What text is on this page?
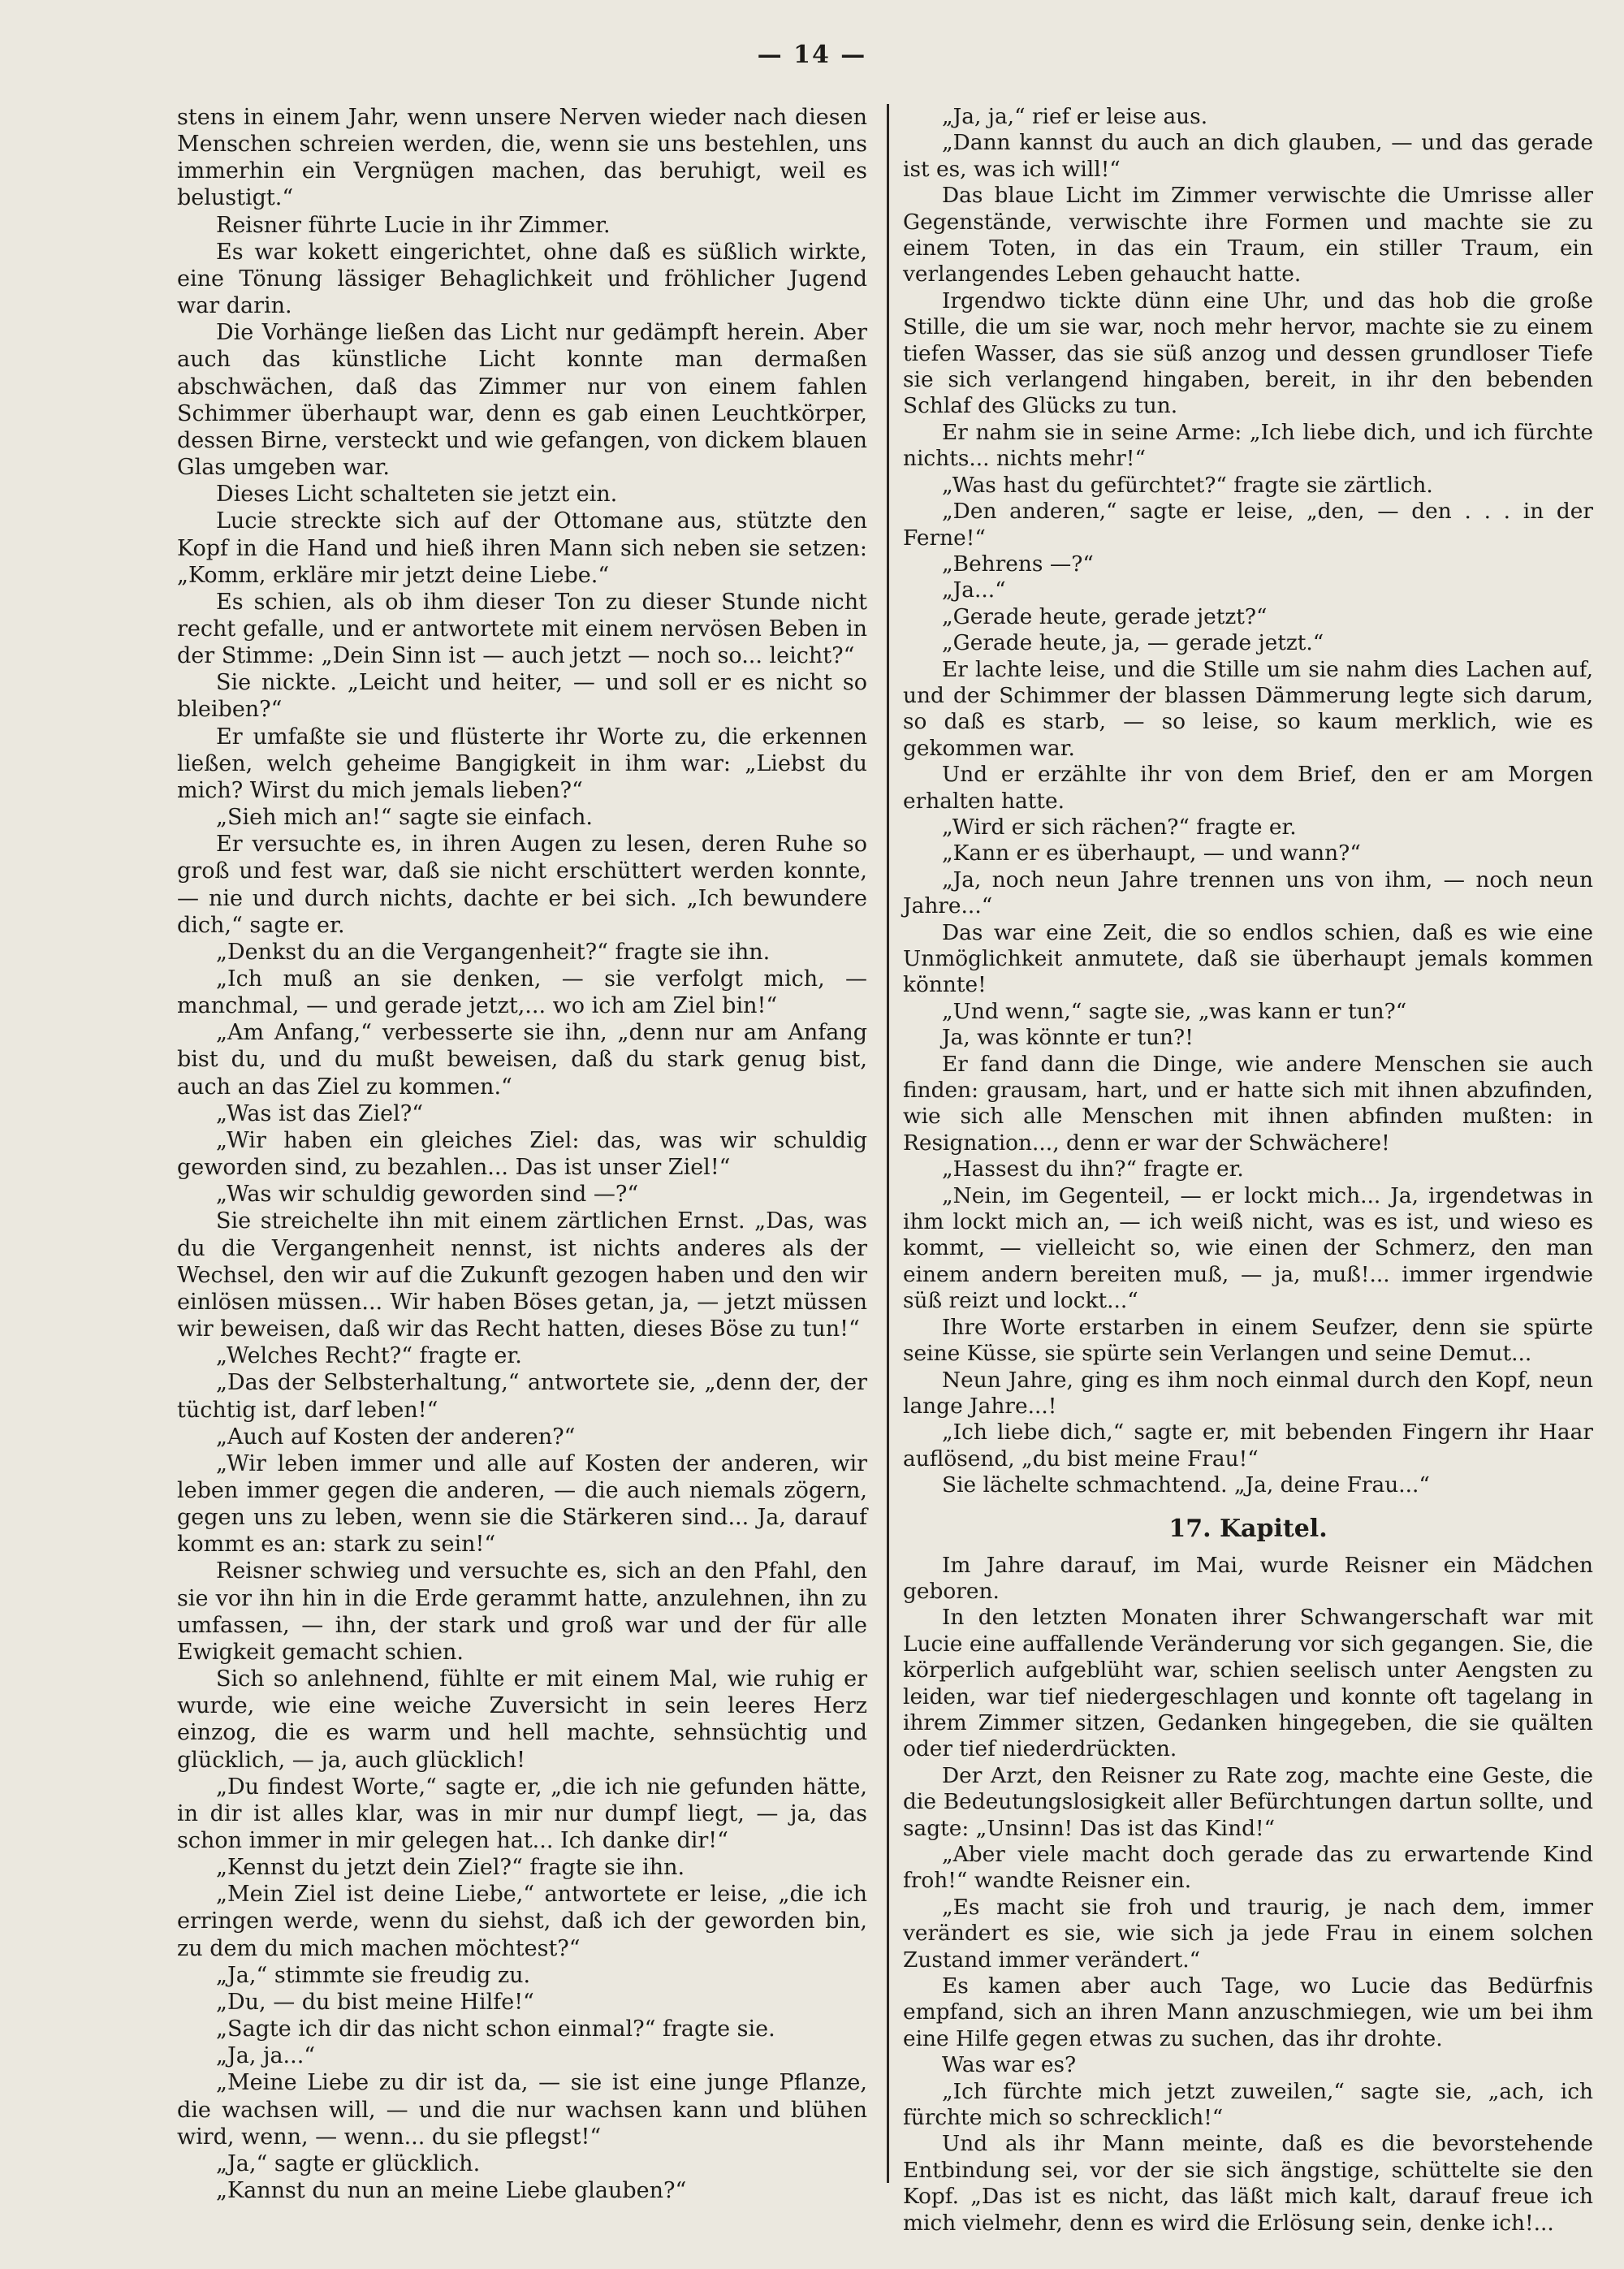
— 14 —

stens in einem Jahr, wenn unsere Nerven wieder nach diesen Menschen schreien werden, die, wenn sie uns bestehlen, uns immerhin ein Vergnügen machen, das beruhigt, weil es belustigt.“

Reisner führte Lucie in ihr Zimmer.

Es war kokett eingerichtet, ohne daß es süßlich wirkte, eine Tönung lässiger Behaglichkeit und fröhlicher Jugend war darin.

Die Vorhänge ließen das Licht nur gedämpft herein. Aber auch das künstliche Licht konnte man dermaßen abschwächen, daß das Zimmer nur von einem fahlen Schimmer überhaupt war, denn es gab einen Leuchtkörper, dessen Birne, versteckt und wie gefangen, von dickem blauen Glas umgeben war.

Dieses Licht schalteten sie jetzt ein.

Lucie streckte sich auf der Ottomane aus, stützte den Kopf in die Hand und hieß ihren Mann sich neben sie setzen: „Komm, erkläre mir jetzt deine Liebe.“

Es schien, als ob ihm dieser Ton zu dieser Stunde nicht recht gefalle, und er antwortete mit einem nervösen Beben in der Stimme: „Dein Sinn ist — auch jetzt — noch so... leicht?“

Sie nickte. „Leicht und heiter, — und soll er es nicht so bleiben?“

Er umfaßte sie und flüsterte ihr Worte zu, die erkennen ließen, welch geheime Bangigkeit in ihm war: „Liebst du mich? Wirst du mich jemals lieben?“

„Sieh mich an!“ sagte sie einfach.

Er versuchte es, in ihren Augen zu lesen, deren Ruhe so groß und fest war, daß sie nicht erschüttert werden konnte, — nie und durch nichts, dachte er bei sich. „Ich bewundere dich,“ sagte er.

„Denkst du an die Vergangenheit?“ fragte sie ihn.

„Ich muß an sie denken, — sie verfolgt mich, — manchmal, — und gerade jetzt,... wo ich am Ziel bin!“

„Am Anfang,“ verbesserte sie ihn, „denn nur am Anfang bist du, und du mußt beweisen, daß du stark genug bist, auch an das Ziel zu kommen.“

„Was ist das Ziel?“

„Wir haben ein gleiches Ziel: das, was wir schuldig geworden sind, zu bezahlen... Das ist unser Ziel!“

„Was wir schuldig geworden sind —?“

Sie streichelte ihn mit einem zärtlichen Ernst. „Das, was du die Vergangenheit nennst, ist nichts anderes als der Wechsel, den wir auf die Zukunft gezogen haben und den wir einlösen müssen... Wir haben Böses getan, ja, — jetzt müssen wir beweisen, daß wir das Recht hatten, dieses Böse zu tun!“

„Welches Recht?“ fragte er.

„Das der Selbsterhaltung,“ antwortete sie, „denn der, der tüchtig ist, darf leben!“

„Auch auf Kosten der anderen?“

„Wir leben immer und alle auf Kosten der anderen, wir leben immer gegen die anderen, — die auch niemals zögern, gegen uns zu leben, wenn sie die Stärkeren sind... Ja, darauf kommt es an: stark zu sein!“

Reisner schwieg und versuchte es, sich an den Pfahl, den sie vor ihn hin in die Erde gerammt hatte, anzulehnen, ihn zu umfassen, — ihn, der stark und groß war und der für alle Ewigkeit gemacht schien.

Sich so anlehnend, fühlte er mit einem Mal, wie ruhig er wurde, wie eine weiche Zuversicht in sein leeres Herz einzog, die es warm und hell machte, sehnsüchtig und glücklich, — ja, auch glücklich!

„Du findest Worte,“ sagte er, „die ich nie gefunden hätte, in dir ist alles klar, was in mir nur dumpf liegt, — ja, das schon immer in mir gelegen hat... Ich danke dir!“

„Kennst du jetzt dein Ziel?“ fragte sie ihn.

„Mein Ziel ist deine Liebe,“ antwortete er leise, „die ich erringen werde, wenn du siehst, daß ich der geworden bin, zu dem du mich machen möchtest?“

„Ja,“ stimmte sie freudig zu.

„Du, — du bist meine Hilfe!“

„Sagte ich dir das nicht schon einmal?“ fragte sie.

„Ja, ja...“

„Meine Liebe zu dir ist da, — sie ist eine junge Pflanze, die wachsen will, — und die nur wachsen kann und blühen wird, wenn, — wenn... du sie pflegst!“

„Ja,“ sagte er glücklich.

„Kannst du nun an meine Liebe glauben?“

„Ja, ja,“ rief er leise aus.

„Dann kannst du auch an dich glauben, — und das gerade ist es, was ich will!“

Das blaue Licht im Zimmer verwischte die Umrisse aller Gegenstände, verwischte ihre Formen und machte sie zu einem Toten, in das ein Traum, ein stiller Traum, ein verlangendes Leben gehaucht hatte.

Irgendwo tickte dünn eine Uhr, und das hob die große Stille, die um sie war, noch mehr hervor, machte sie zu einem tiefen Wasser, das sie süß anzog und dessen grundloser Tiefe sie sich verlangend hingaben, bereit, in ihr den bebenden Schlaf des Glücks zu tun.

Er nahm sie in seine Arme: „Ich liebe dich, und ich fürchte nichts... nichts mehr!“

„Was hast du gefürchtet?“ fragte sie zärtlich.

„Den anderen,“ sagte er leise, „den, — den . . . in der Ferne!“

„Behrens —?“

„Ja...“

„Gerade heute, gerade jetzt?“

„Gerade heute, ja, — gerade jetzt.“

Er lachte leise, und die Stille um sie nahm dies Lachen auf, und der Schimmer der blassen Dämmerung legte sich darum, so daß es starb, — so leise, so kaum merklich, wie es gekommen war.

Und er erzählte ihr von dem Brief, den er am Morgen erhalten hatte.

„Wird er sich rächen?“ fragte er.

„Kann er es überhaupt, — und wann?“

„Ja, noch neun Jahre trennen uns von ihm, — noch neun Jahre...“

Das war eine Zeit, die so endlos schien, daß es wie eine Unmöglichkeit anmutete, daß sie überhaupt jemals kommen könnte!

„Und wenn,“ sagte sie, „was kann er tun?“

Ja, was könnte er tun?!

Er fand dann die Dinge, wie andere Menschen sie auch finden: grausam, hart, und er hatte sich mit ihnen abzufinden, wie sich alle Menschen mit ihnen abfinden mußten: in Resignation..., denn er war der Schwächere!

„Hassest du ihn?“ fragte er.

„Nein, im Gegenteil, — er lockt mich... Ja, irgendetwas in ihm lockt mich an, — ich weiß nicht, was es ist, und wieso es kommt, — vielleicht so, wie einen der Schmerz, den man einem andern bereiten muß, — ja, muß!... immer irgendwie süß reizt und lockt...“

Ihre Worte erstarben in einem Seufzer, denn sie spürte seine Küsse, sie spürte sein Verlangen und seine Demut...

Neun Jahre, ging es ihm noch einmal durch den Kopf, neun lange Jahre...!

„Ich liebe dich,“ sagte er, mit bebenden Fingern ihr Haar auflösend, „du bist meine Frau!“

Sie lächelte schmachtend. „Ja, deine Frau...“

17. Kapitel.

Im Jahre darauf, im Mai, wurde Reisner ein Mädchen geboren.

In den letzten Monaten ihrer Schwangerschaft war mit Lucie eine auffallende Veränderung vor sich gegangen. Sie, die körperlich aufgeblüht war, schien seelisch unter Aengsten zu leiden, war tief niedergeschlagen und konnte oft tagelang in ihrem Zimmer sitzen, Gedanken hingegeben, die sie quälten oder tief niederdrückten.

Der Arzt, den Reisner zu Rate zog, machte eine Geste, die die Bedeutungslosigkeit aller Befürchtungen dartun sollte, und sagte: „Unsinn! Das ist das Kind!“

„Aber viele macht doch gerade das zu erwartende Kind froh!“ wandte Reisner ein.

„Es macht sie froh und traurig, je nach dem, immer verändert es sie, wie sich ja jede Frau in einem solchen Zustand immer verändert.“

Es kamen aber auch Tage, wo Lucie das Bedürfnis empfand, sich an ihren Mann anzuschmiegen, wie um bei ihm eine Hilfe gegen etwas zu suchen, das ihr drohte.

Was war es?

„Ich fürchte mich jetzt zuweilen,“ sagte sie, „ach, ich fürchte mich so schrecklich!“

Und als ihr Mann meinte, daß es die bevorstehende Entbindung sei, vor der sie sich ängstige, schüttelte sie den Kopf. „Das ist es nicht, das läßt mich kalt, darauf freue ich mich vielmehr, denn es wird die Erlösung sein, denke ich!...
